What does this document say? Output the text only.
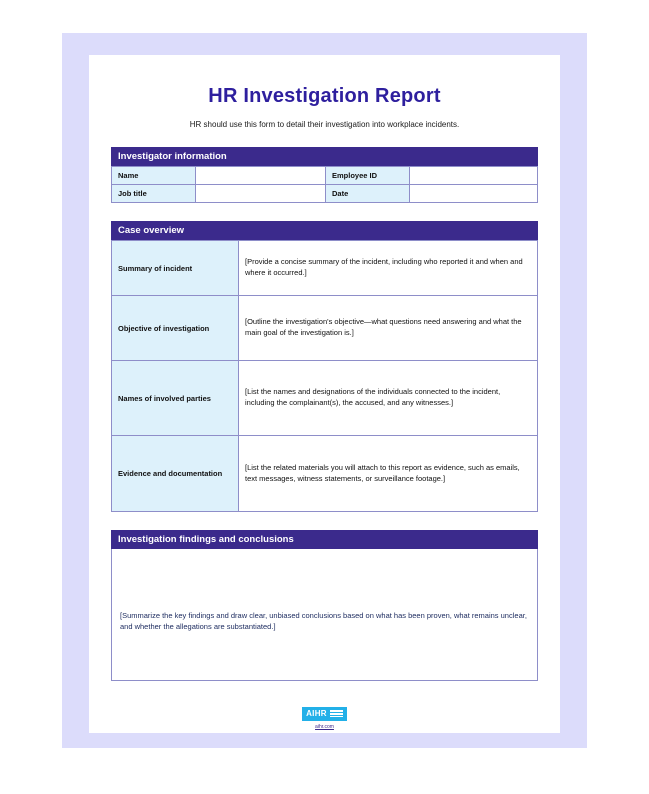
HR Investigation Report

HR should use this form to detail their investigation into workplace incidents.

Investigator information
Name		Employee ID	
Job title		Date	
Case overview
Summary of incident	[Provide a concise summary of the incident, including who reported it and when and where it occurred.]
Objective of investigation	[Outline the investigation's objective—what questions need answering and what the main goal of the investigation is.]
Names of involved parties	[List the names and designations of the individuals connected to the incident, including the complainant(s), the accused, and any witnesses.]
Evidence and documentation	[List the related materials you will attach to this report as evidence, such as emails, text messages, witness statements, or surveillance footage.]
Investigation findings and conclusions
[Summarize the key findings and draw clear, unbiased conclusions based on what has been proven, what remains unclear, and whether the allegations are substantiated.]
AIHR
aihr.com
